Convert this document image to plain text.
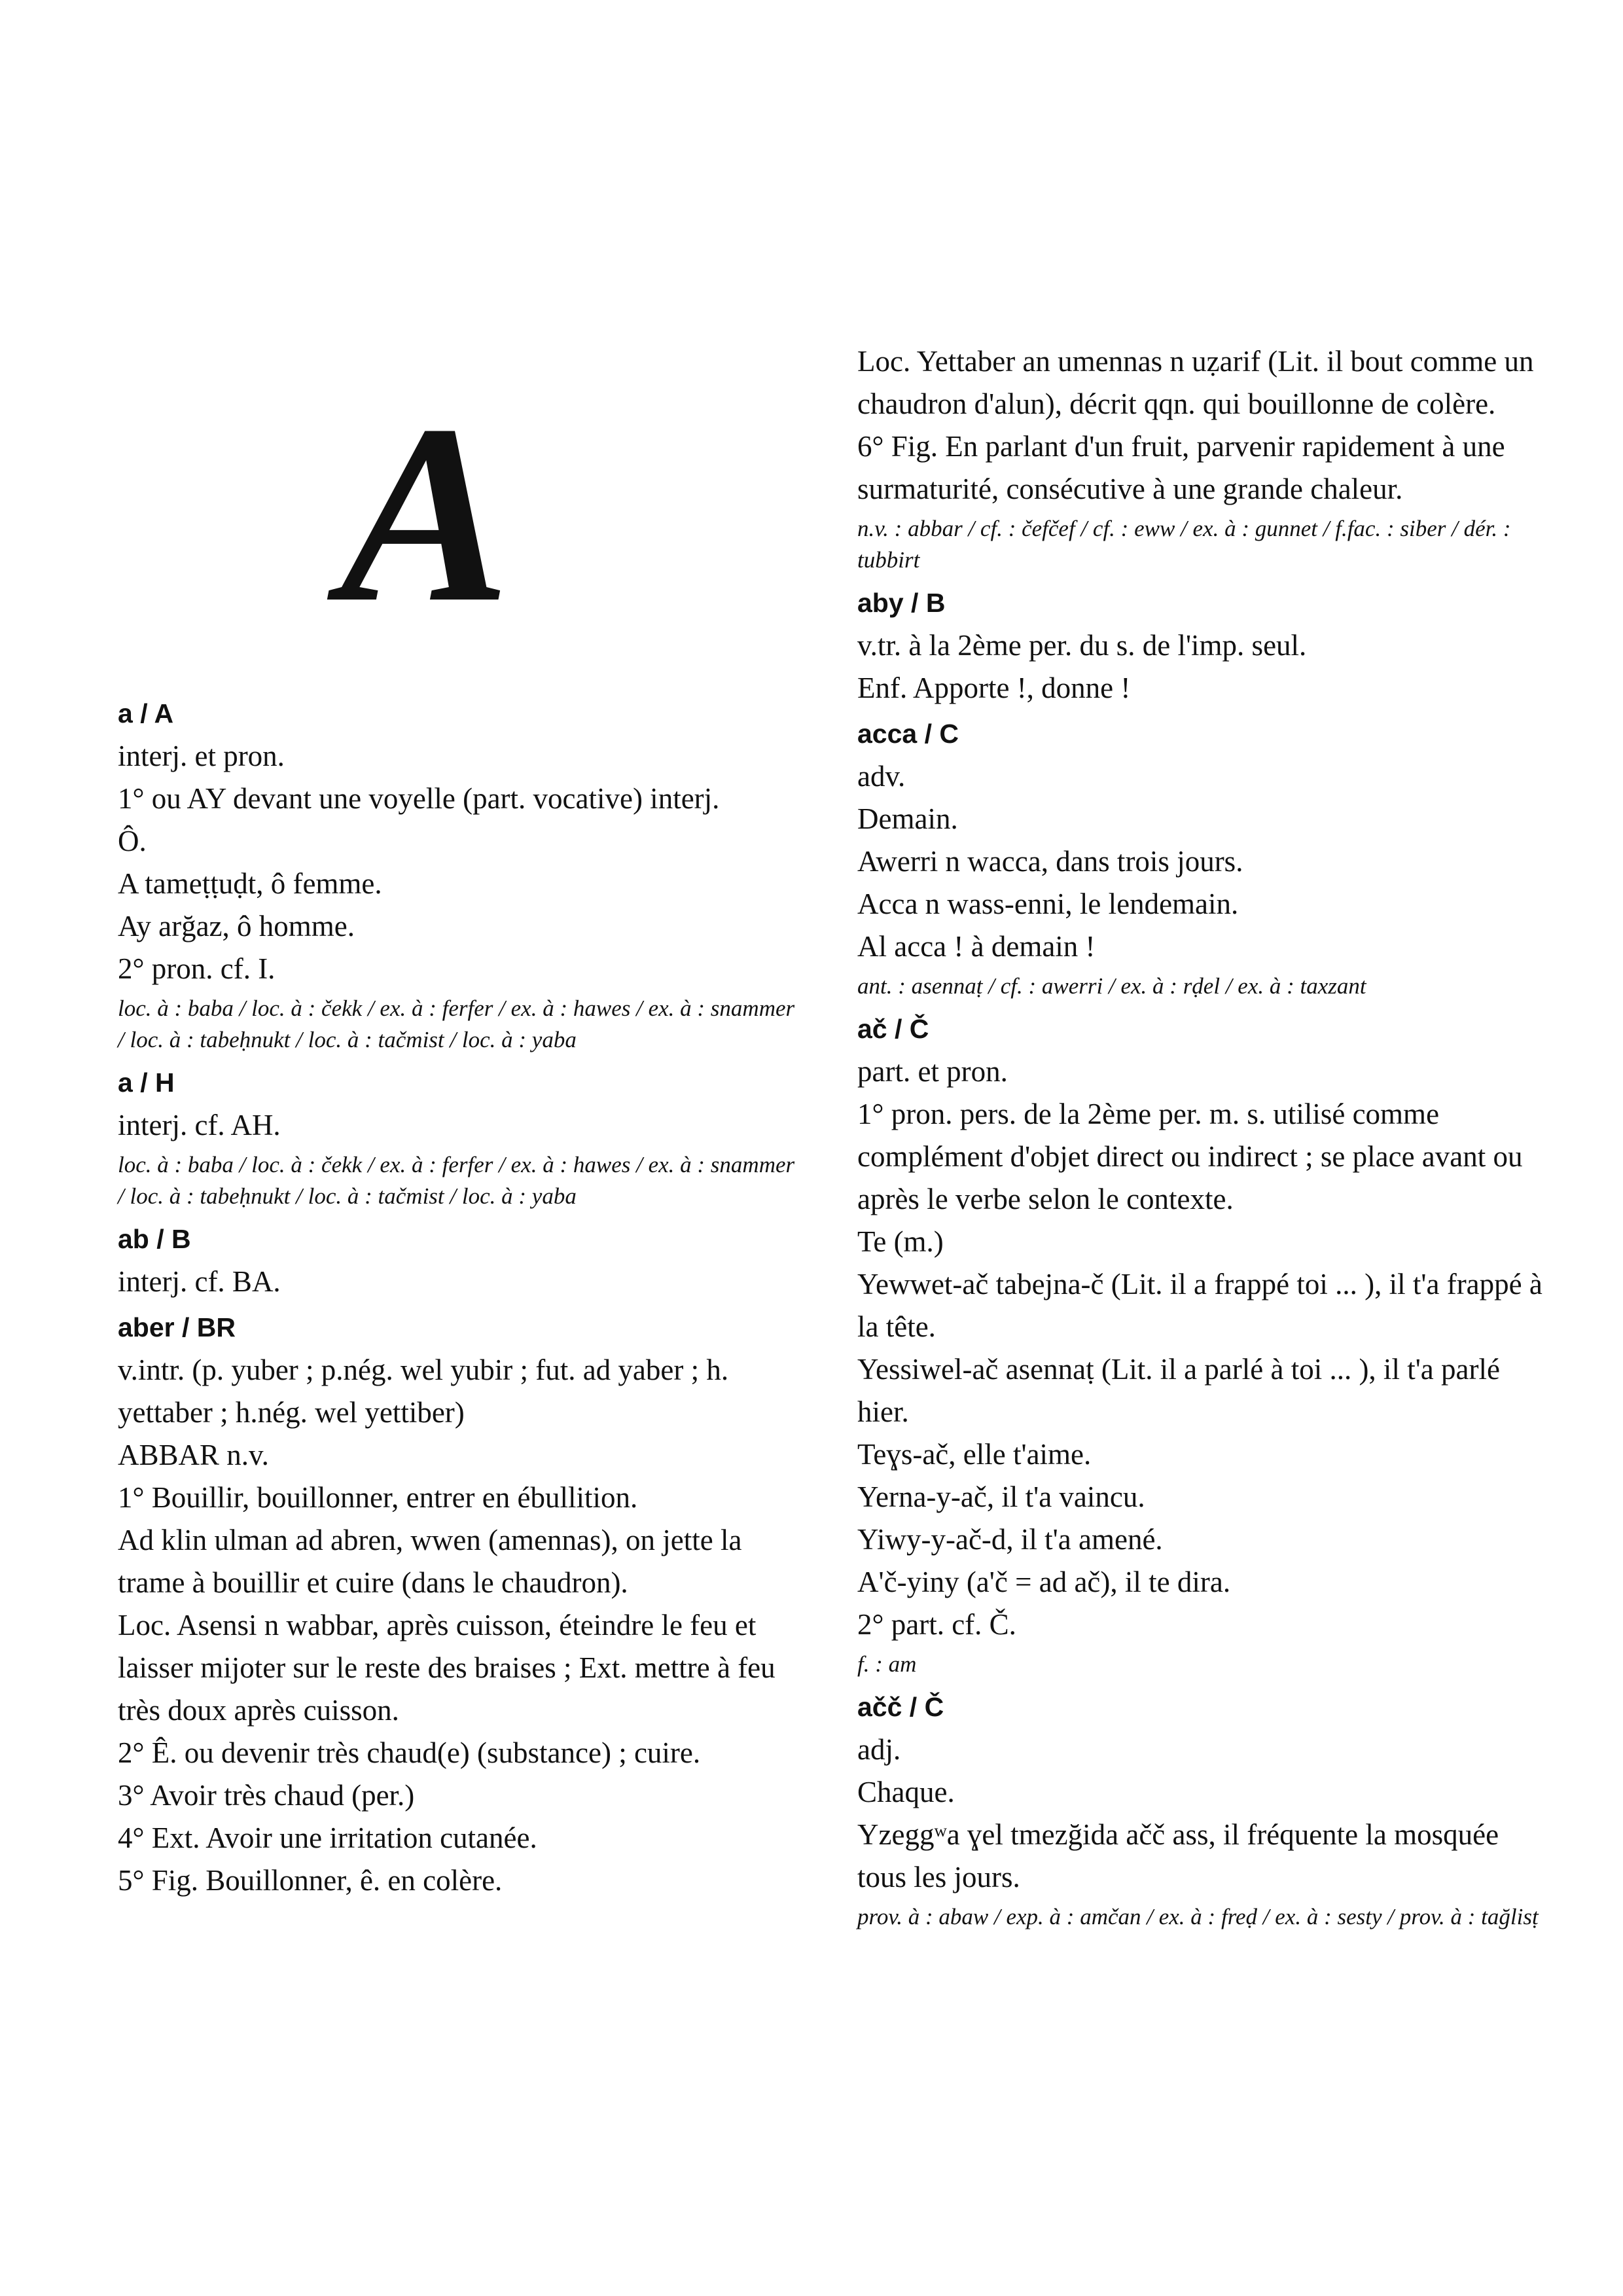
A
a / A
interj. et pron.
1° ou AY devant une voyelle (part. vocative) interj.
Ô.
A tameṭṭuḍt, ô femme.
Ay arğaz, ô homme.
2° pron. cf. I.
loc. à : baba / loc. à : čekk / ex. à : ferfer / ex. à : hawes / ex. à : snammer / loc. à : tabeḥnukt / loc. à : tačmist / loc. à : yaba
a / H
interj. cf. AH.
loc. à : baba / loc. à : čekk / ex. à : ferfer / ex. à : hawes / ex. à : snammer / loc. à : tabeḥnukt / loc. à : tačmist / loc. à : yaba
ab / B
interj. cf. BA.
aber / BR
v.intr. (p. yuber ; p.nég. wel yubir ; fut. ad yaber ; h. yettaber ; h.nég. wel yettiber)
ABBAR n.v.
1° Bouillir, bouillonner, entrer en ébullition.
Ad klin ulman ad abren, wwen (amennas), on jette la trame à bouillir et cuire (dans le chaudron).
Loc. Asensi n wabbar, après cuisson, éteindre le feu et laisser mijoter sur le reste des braises ; Ext. mettre à feu très doux après cuisson.
2° Ê. ou devenir très chaud(e) (substance) ; cuire.
3° Avoir très chaud (per.)
4° Ext. Avoir une irritation cutanée.
5° Fig. Bouillonner, ê. en colère.
Loc. Yettaber an umennas n uẓarif (Lit. il bout comme un chaudron d'alun), décrit qqn. qui bouillonne de colère.
6° Fig. En parlant d'un fruit, parvenir rapidement à une surmaturité, consécutive à une grande chaleur.
n.v. : abbar / cf. : čefčef / cf. : eww / ex. à : gunnet / f.fac. : siber / dér. : tubbirt
aby / B
v.tr. à la 2ème per. du s. de l'imp. seul.
Enf. Apporte !, donne !
acca / C
adv.
Demain.
Awerri n wacca, dans trois jours.
Acca n wass-enni, le lendemain.
Al acca ! à demain !
ant. : asennaṭ / cf. : awerri / ex. à : rḍel / ex. à : taxzant
ač / Č
part. et pron.
1° pron. pers. de la 2ème per. m. s. utilisé comme complément d'objet direct ou indirect ; se place avant ou après le verbe selon le contexte.
Te (m.)
Yewwet-ač tabejna-č (Lit. il a frappé toi ... ), il t'a frappé à la tête.
Yessiwel-ač asennaṭ (Lit. il a parlé à toi ... ), il t'a parlé hier.
Teɣs-ač, elle t'aime.
Yerna-y-ač, il t'a vaincu.
Yiwy-y-ač-d, il t'a amené.
A'č-yiny (a'č = ad ač), il te dira.
2° part. cf. Č.
f. : am
ačč / Č
adj.
Chaque.
Yzeggʷa ɣel tmezğida ačč ass, il fréquente la mosquée tous les jours.
prov. à : abaw / exp. à : amčan / ex. à : freḍ / ex. à : sesty / prov. à : tağlisṭ
